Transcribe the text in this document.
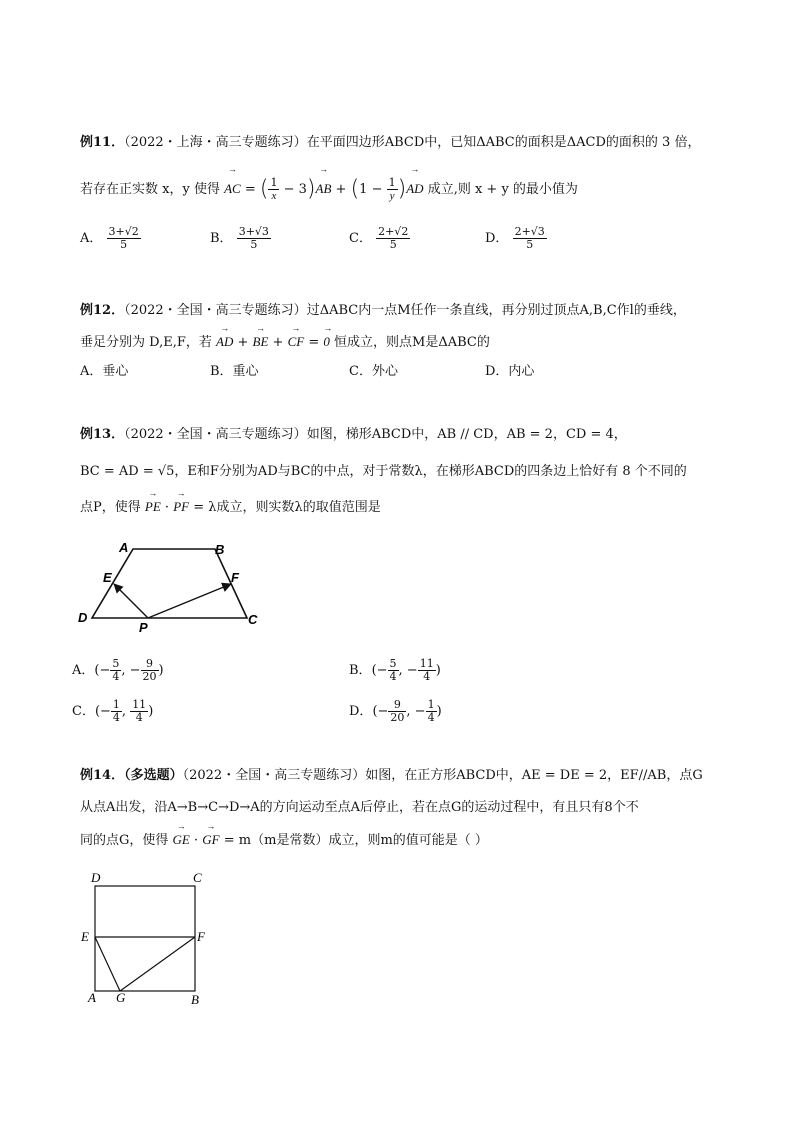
例11．（2022・上海・高三专题练习）在平面四边形ABCD中，已知ΔABC的面积是ΔACD的面积的 3 倍，
若存在正实数 x，y 使得 → AC = ( $\frac{1}{x} - 3)\to$ AB + ($1 - \frac{1}{y}$ )→ AD 成立,则 x + y 的最小值为
A． $\frac{3+√2}{5}$	B． $\frac{3+√3}{5}$	C． $\frac{2+√2}{5}$	D． $\frac{2+√3}{5}$
例12．（2022・全国・高三专题练习）过ΔABC内一点M任作一条直线，再分别过顶点A,B,C作l的垂线，
垂足分别为 D,E,F，若 → AD + → BE + → CF = → 0 恒成立，则点M是ΔABC的
A．垂心	B．重心	C．外心	D．内心
例13．（2022・全国・高三专题练习）如图，梯形ABCD中，AB // CD，AB = 2，CD = 4，
BC = AD = √5，E和F分别为AD与BC的中点，对于常数λ，在梯形ABCD的四条边上恰好有 8 个不同的
点P，使得 → PE · → PF = λ成立，则实数λ的取值范围是
A	B
E	F
D
P
C
A．(− $\frac{5}{4}$ , − $\frac{9}{20}$ )	B．(− $\frac{5}{4}$ , − $\frac{11}{4}$ )
C．(− $\frac{1}{4}$ , $\frac{11}{4}$ )	D．(− $\frac{9}{20}$ , − $\frac{1}{4}$ )
例14．（多选题）（2022・全国・高三专题练习）如图，在正方形ABCD中，AE = DE = 2，EF//AB，点G
从点A出发，沿A→B→C→D→A的方向运动至点A后停止，若在点G的运动过程中，有且只有8个不
同的点G，使得 → GE · → GF = m（m是常数）成立，则m的值可能是（ ）
D	C
E	F
A G	B
